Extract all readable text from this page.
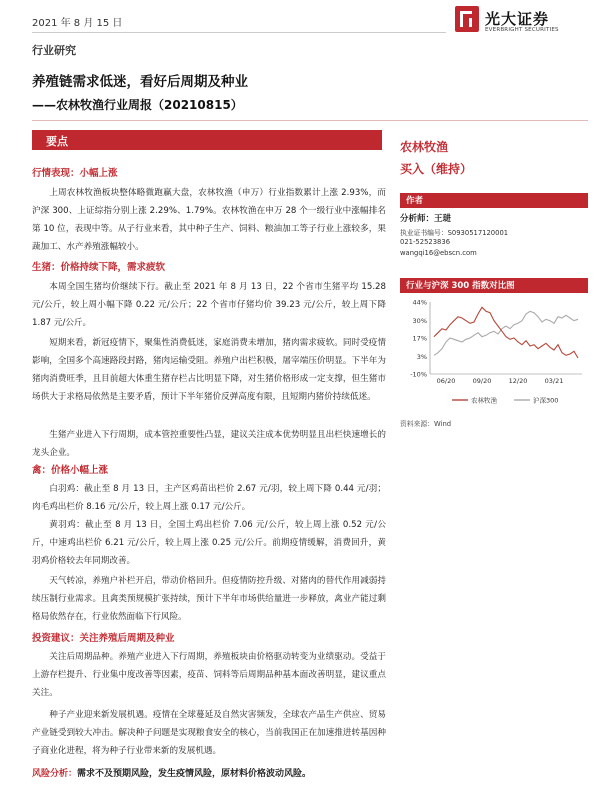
2021 年 8 月 15 日	光大证券
EVERBRIGHT SECURITIES
行业研究
养殖链需求低迷，看好后周期及种业
——农林牧渔行业周报（20210815）
要点
行情表现：小幅上涨

上周农林牧渔板块整体略微跑赢大盘，农林牧渔（申万）行业指数累计上涨 2.93%，而沪深 300、上证综指分别上涨 2.29%、1.79%。农林牧渔在申万 28 个一级行业中涨幅排名第 10 位，表现中等。从子行业来看，其中种子生产、饲料、粮油加工等子行业上涨较多，果蔬加工、水产养殖涨幅较小。

生猪：价格持续下降，需求疲软

本周全国生猪均价继续下行。截止至 2021 年 8 月 13 日，22 个省市生猪平均 15.28 元/公斤，较上周小幅下降 0.22 元/公斤；22 个省市仔猪均价 39.23 元/公斤，较上周下降 1.87 元/公斤。

短期来看，新冠疫情下，聚集性消费低迷，家庭消费未增加，猪肉需求疲软。同时受疫情影响，全国多个高速路段封路，猪肉运输受阻。养殖户出栏积极，屠宰端压价明显。下半年为猪肉消费旺季，且目前超大体重生猪存栏占比明显下降，对生猪价格形成一定支撑，但生猪市场供大于求格局依然是主要矛盾，预计下半年猪价反弹高度有限，且短期内猪价持续低迷。

生猪产业进入下行周期，成本管控重要性凸显，建议关注成本优势明显且出栏快速增长的龙头企业。

禽：价格小幅上涨

白羽鸡：截止至 8 月 13 日，主产区鸡苗出栏价 2.67 元/羽，较上周下降 0.44 元/羽；肉毛鸡出栏价 8.16 元/公斤，较上周上涨 0.17 元/公斤。

黄羽鸡：截止至 8 月 13 日，全国土鸡出栏价 7.06 元/公斤，较上周上涨 0.52 元/公斤，中速鸡出栏价 6.21 元/公斤，较上周上涨 0.25 元/公斤。前期疫情缓解，消费回升，黄羽鸡价格较去年同期改善。

天气转凉，养殖户补栏开启，带动价格回升。但疫情防控升级、对猪肉的替代作用减弱持续压制行业需求。且禽类预规模扩张持续，预计下半年市场供给量进一步释放，禽业产能过剩格局依然存在，行业依然面临下行风险。

投资建议：关注养殖后周期及种业

关注后周期品种。养殖产业进入下行周期，养殖板块由价格驱动转变为业绩驱动。受益于上游存栏提升、行业集中度改善等因素，疫苗、饲料等后周期品种基本面改善明显，建议重点关注。

种子产业迎来新发展机遇。疫情在全球蔓延及自然灾害频发，全球农产品生产供应、贸易产业链受到较大冲击。解决种子问题是实现粮食安全的核心，当前我国正在加速推进转基因种子商业化进程，将为种子行业带来新的发展机遇。

风险分析：需求不及预期风险，发生疫情风险，原材料价格波动风险。
农林牧渔
买入（维持）
作者
分析师：王琎
执业证书编号：S0930517120001
021-52523836
wangqi16@ebscn.com
行业与沪深 300 指数对比图
44%
30%
17%
3%
-10%
06/20	09/20	12/20	03/21
农林牧渔	沪深300
资料来源：Wind
